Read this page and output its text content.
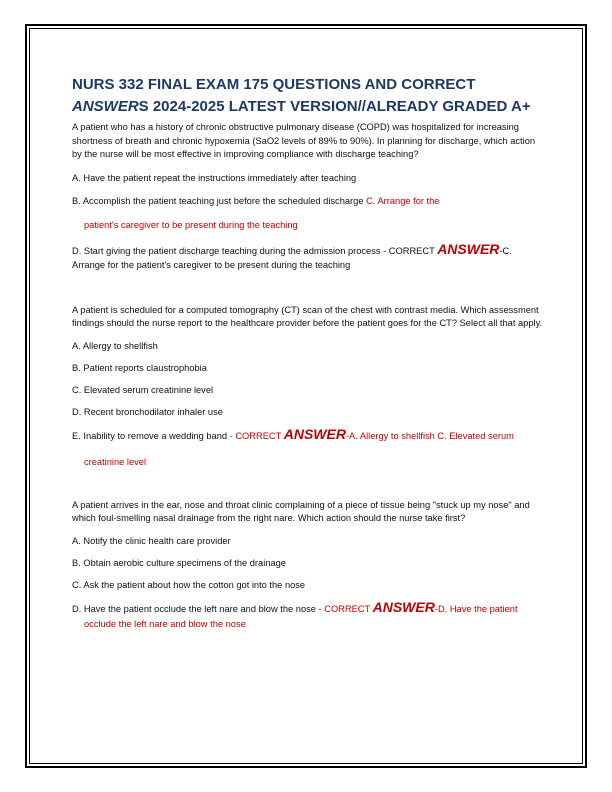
NURS 332 FINAL EXAM 175 QUESTIONS AND CORRECT
ANSWERS 2024-2025 LATEST VERSION//ALREADY GRADED A+

A patient who has a history of chronic obstructive pulmonary disease (COPD) was hospitalized for increasing shortness of breath and chronic hypoxemia (SaO2 levels of 89% to 90%). In planning for discharge, which action by the nurse will be most effective in improving compliance with discharge teaching?

A. Have the patient repeat the instructions immediately after teaching

B. Accomplish the patient teaching just before the scheduled discharge C. Arrange for the

patient's caregiver to be present during the teaching

D. Start giving the patient discharge teaching during the admission process - CORRECT ANSWER-C.
Arrange for the patient's caregiver to be present during the teaching

A patient is scheduled for a computed tomography (CT) scan of the chest with contrast media. Which assessment findings should the nurse report to the healthcare provider before the patient goes for the CT? Select all that apply.

A. Allergy to shellfish

B. Patient reports claustrophobia

C. Elevated serum creatinine level

D. Recent bronchodilator inhaler use

E. Inability to remove a wedding band - CORRECT ANSWER-A. Allergy to shellfish C. Elevated serum

creatinine level

A patient arrives in the ear, nose and throat clinic complaining of a piece of tissue being "stuck up my nose" and which foul-smelling nasal drainage from the right nare. Which action should the nurse take first?

A. Notify the clinic health care provider

B. Obtain aerobic culture specimens of the drainage

C. Ask the patient about how the cotton got into the nose

D. Have the patient occlude the left nare and blow the nose - CORRECT ANSWER-D. Have the patient

occlude the left nare and blow the nose
